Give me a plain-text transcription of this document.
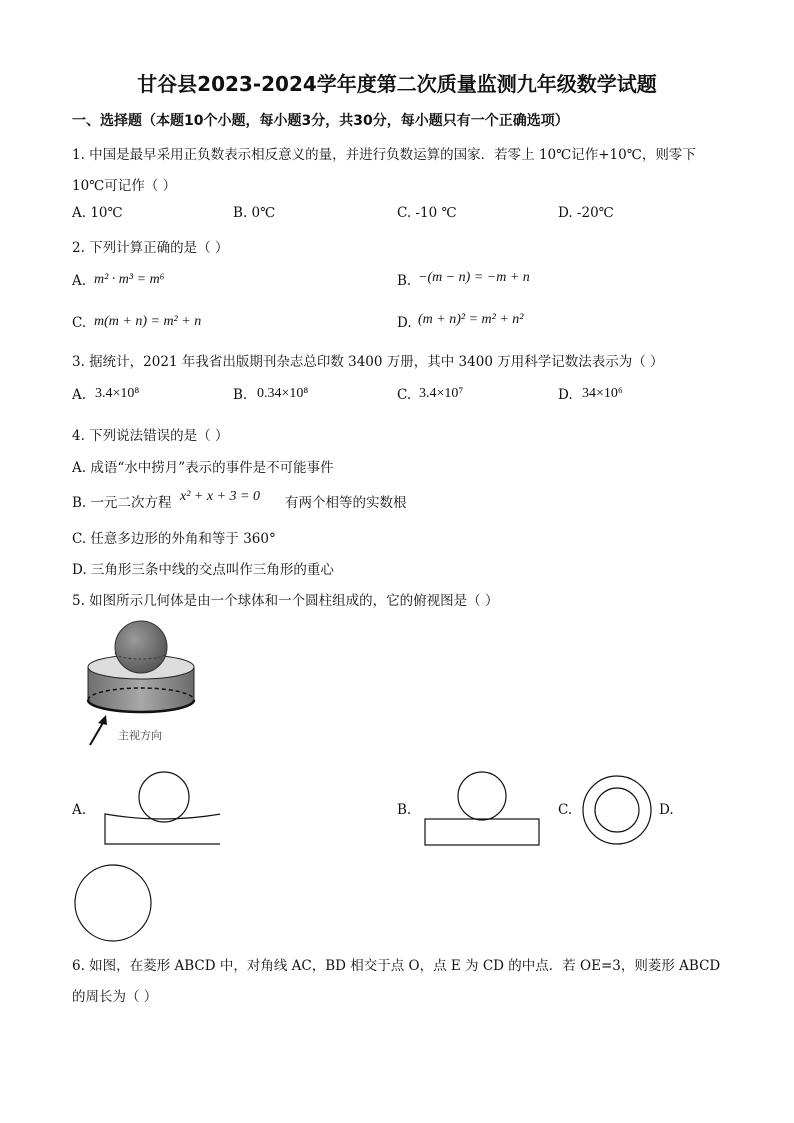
甘谷县2023-2024学年度第二次质量监测九年级数学试题
一、选择题（本题10个小题，每小题3分，共30分，每小题只有一个正确选项）
1. 中国是最早采用正负数表示相反意义的量，并进行负数运算的国家．若零上 10℃记作+10℃，则零下
10℃可记作（ ）
A. 10℃	B. 0℃	C. -10 ℃	D. -20℃
2. 下列计算正确的是（ ）
A. m² · m³ = m⁶	B. −(m − n) = −m + n
C. m(m + n) = m² + n	D. (m + n)² = m² + n²
3. 据统计，2021 年我省出版期刊杂志总印数 3400 万册，其中 3400 万用科学记数法表示为（ ）
A. 3.4×10⁸	B. 0.34×10⁸	C. 3.4×10⁷	D. 34×10⁶
4. 下列说法错误的是（ ）
A. 成语“水中捞月”表示的事件是不可能事件
B. 一元二次方程 x² + x + 3 = 0 有两个相等的实数根
C. 任意多边形的外角和等于 360°
D. 三角形三条中线的交点叫作三角形的重心
5. 如图所示几何体是由一个球体和一个圆柱组成的，它的俯视图是（ ）
主视方向
A.	B.	C.	D.
6. 如图，在菱形 ABCD 中，对角线 AC，BD 相交于点 O，点 E 为 CD 的中点．若 OE=3，则菱形 ABCD
的周长为（ ）
